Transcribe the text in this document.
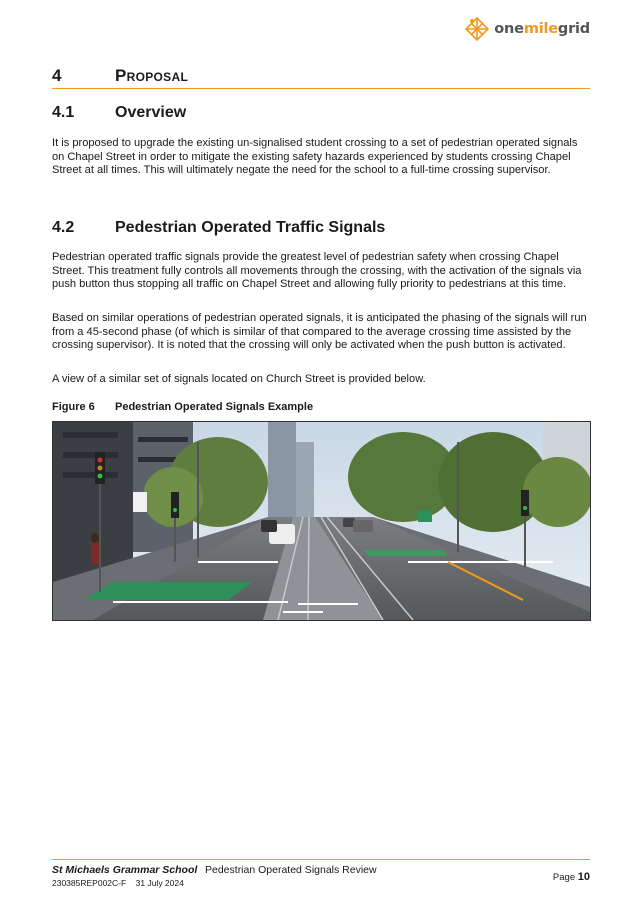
onemilegrid
4	Proposal
4.1	Overview

It is proposed to upgrade the existing un-signalised student crossing to a set of pedestrian operated signals on Chapel Street in order to mitigate the existing safety hazards experienced by students crossing Chapel Street at all times. This will ultimately negate the need for the school to a full-time crossing supervisor.

4.2	Pedestrian Operated Traffic Signals

Pedestrian operated traffic signals provide the greatest level of pedestrian safety when crossing Chapel Street. This treatment fully controls all movements through the crossing, with the activation of the signals via push button thus stopping all traffic on Chapel Street and allowing fully priority to pedestrians at this time.

Based on similar operations of pedestrian operated signals, it is anticipated the phasing of the signals will run from a 45-second phase (of which is similar of that compared to the average crossing time assisted by the crossing supervisor). It is noted that the crossing will only be activated when the push button is activated.

A view of a similar set of signals located on Church Street is provided below.

Figure 6 Pedestrian Operated Signals Example
St Michaels Grammar School Pedestrian Operated Signals Review
230385REP002C-F 31 July 2024	Page 10
